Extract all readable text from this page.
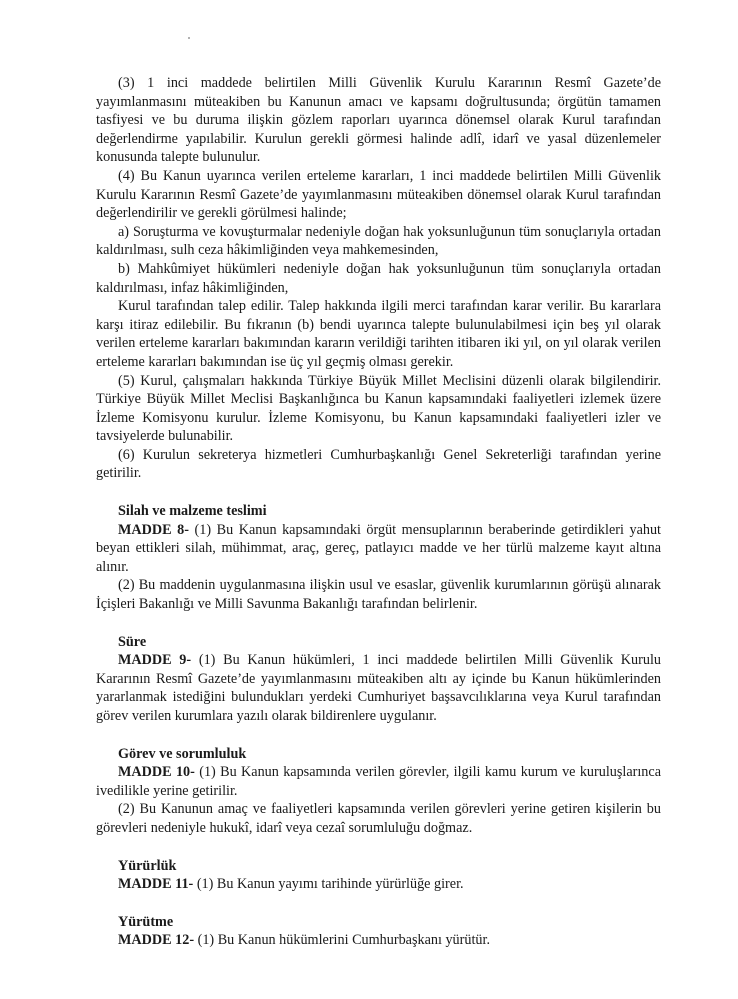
(3) 1 inci maddede belirtilen Milli Güvenlik Kurulu Kararının Resmî Gazete’de yayımlanmasını müteakiben bu Kanunun amacı ve kapsamı doğrultusunda; örgütün tamamen tasfiyesi ve bu duruma ilişkin gözlem raporları uyarınca dönemsel olarak Kurul tarafından değerlendirme yapılabilir. Kurulun gerekli görmesi halinde adlî, idarî ve yasal düzenlemeler konusunda talepte bulunulur.

(4) Bu Kanun uyarınca verilen erteleme kararları, 1 inci maddede belirtilen Milli Güvenlik Kurulu Kararının Resmî Gazete’de yayımlanmasını müteakiben dönemsel olarak Kurul tarafından değerlendirilir ve gerekli görülmesi halinde;

a) Soruşturma ve kovuşturmalar nedeniyle doğan hak yoksunluğunun tüm sonuçlarıyla ortadan kaldırılması, sulh ceza hâkimliğinden veya mahkemesinden,

b) Mahkûmiyet hükümleri nedeniyle doğan hak yoksunluğunun tüm sonuçlarıyla ortadan kaldırılması, infaz hâkimliğinden,

Kurul tarafından talep edilir. Talep hakkında ilgili merci tarafından karar verilir. Bu kararlara karşı itiraz edilebilir. Bu fıkranın (b) bendi uyarınca talepte bulunulabilmesi için beş yıl olarak verilen erteleme kararları bakımından kararın verildiği tarihten itibaren iki yıl, on yıl olarak verilen erteleme kararları bakımından ise üç yıl geçmiş olması gerekir.

(5) Kurul, çalışmaları hakkında Türkiye Büyük Millet Meclisini düzenli olarak bilgilendirir. Türkiye Büyük Millet Meclisi Başkanlığınca bu Kanun kapsamındaki faaliyetleri izlemek üzere İzleme Komisyonu kurulur. İzleme Komisyonu, bu Kanun kapsamındaki faaliyetleri izler ve tavsiyelerde bulunabilir.

(6) Kurulun sekreterya hizmetleri Cumhurbaşkanlığı Genel Sekreterliği tarafından yerine getirilir.

Silah ve malzeme teslimi

MADDE 8- (1) Bu Kanun kapsamındaki örgüt mensuplarının beraberinde getirdikleri yahut beyan ettikleri silah, mühimmat, araç, gereç, patlayıcı madde ve her türlü malzeme kayıt altına alınır.

(2) Bu maddenin uygulanmasına ilişkin usul ve esaslar, güvenlik kurumlarının görüşü alınarak İçişleri Bakanlığı ve Milli Savunma Bakanlığı tarafından belirlenir.

Süre

MADDE 9- (1) Bu Kanun hükümleri, 1 inci maddede belirtilen Milli Güvenlik Kurulu Kararının Resmî Gazete’de yayımlanmasını müteakiben altı ay içinde bu Kanun hükümlerinden yararlanmak istediğini bulundukları yerdeki Cumhuriyet başsavcılıklarına veya Kurul tarafından görev verilen kurumlara yazılı olarak bildirenlere uygulanır.

Görev ve sorumluluk

MADDE 10- (1) Bu Kanun kapsamında verilen görevler, ilgili kamu kurum ve kuruluşlarınca ivedilikle yerine getirilir.

(2) Bu Kanunun amaç ve faaliyetleri kapsamında verilen görevleri yerine getiren kişilerin bu görevleri nedeniyle hukukî, idarî veya cezaî sorumluluğu doğmaz.

Yürürlük

MADDE 11- (1) Bu Kanun yayımı tarihinde yürürlüğe girer.

Yürütme

MADDE 12- (1) Bu Kanun hükümlerini Cumhurbaşkanı yürütür.
